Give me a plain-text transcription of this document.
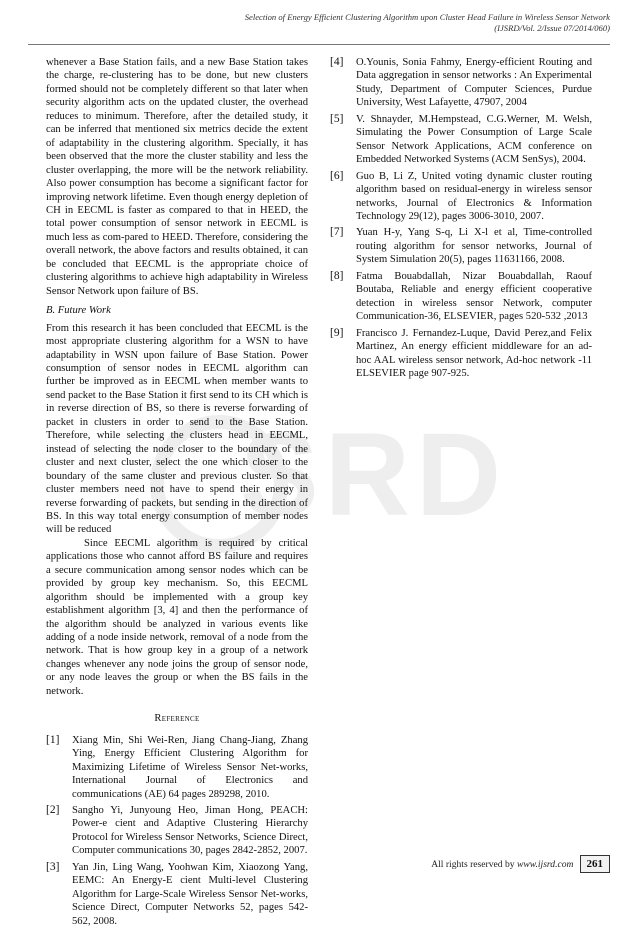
Selection of Energy Efficient Clustering Algorithm upon Cluster Head Failure in Wireless Sensor Network
(IJSRD/Vol. 2/Issue 07/2014/060)
SRD

whenever a Base Station fails, and a new Base Station takes the charge, re-clustering has to be done, but new clusters formed should not be completely different so that later when security algorithm acts on the updated cluster, the overhead reduces to minimum. Therefore, after the detailed study, it can be inferred that mentioned six metrics decide the extent of adaptability in the clustering algorithm. Specially, it has been observed that the more the cluster stability and less the cluster overlapping, the more will be the network reliability. Also power consumption has become a significant factor for improving network lifetime. Even though energy depletion of CH in EECML is faster as compared to that in HEED, the total power consumption of sensor network in EECML is much less as com-pared to HEED. Therefore, considering the overall network, the above factors and results obtained, it can be concluded that EECML is the appropriate choice of clustering algorithms to achieve high adaptability in Wireless Sensor Network upon failure of BS.

B. Future Work

From this research it has been concluded that EECML is the most appropriate clustering algorithm for a WSN to have adaptability in WSN upon failure of Base Station. Power consumption of sensor nodes in EECML algorithm can further be improved as in EECML when member wants to send packet to the Base Station it first send to its CH which is in reverse direction of BS, so there is reverse forwarding of packet in clusters in order to send to the Base Station. Therefore, while selecting the clusters head in EECML, instead of selecting the node closer to the boundary of the cluster and next cluster, select the one which closer to the boundary of the same cluster and previous cluster. So that cluster members need not have to spend their energy in reverse forwarding of packets, but sending in the direction of BS. In this way total energy consumption of member nodes will be reduced

Since EECML algorithm is required by critical applications those who cannot afford BS failure and requires a secure communication among sensor nodes which can be provided by group key mechanism. So, this EECML algorithm should be implemented with a group key establishment algorithm [3, 4] and then the performance of the algorithm should be analyzed in various events like adding of a node inside network, removal of a node from the network. That is how group key in a group of a network changes whenever any node joins the group of sensor node, or any node leaves the group or when the BS fails in the network.

Reference
[1]	Xiang Min, Shi Wei-Ren, Jiang Chang-Jiang, Zhang Ying, Energy Efficient Clustering Algorithm for Maximizing Lifetime of Wireless Sensor Net-works, International Journal of Electronics and communications (AE) 64 pages 289298, 2010.
[2]	Sangho Yi, Junyoung Heo, Jiman Hong, PEACH: Power-e cient and Adaptive Clustering Hierarchy Protocol for Wireless Sensor Networks, Science Direct, Computer communications 30, pages 2842-2852, 2007.
[3]	Yan Jin, Ling Wang, Yoohwan Kim, Xiaozong Yang, EEMC: An Energy-E cient Multi-level Clustering Algorithm for Large-Scale Wireless Sensor Net-works, Science Direct, Computer Networks 52, pages 542-562, 2008.
[4]	O.Younis, Sonia Fahmy, Energy-efficient Routing and Data aggregation in sensor networks : An Experimental Study, Department of Computer Sciences, Purdue University, West Lafayette, 47907, 2004
[5]	V. Shnayder, M.Hempstead, C.G.Werner, M. Welsh, Simulating the Power Consumption of Large Scale Sensor Network Applications, ACM conference on Embedded Networked Systems (ACM SenSys), 2004.
[6]	Guo B, Li Z, United voting dynamic cluster routing algorithm based on residual-energy in wireless sensor networks, Journal of Electronics & Information Technology 29(12), pages 3006-3010, 2007.
[7]	Yuan H-y, Yang S-q, Li X-l et al, Time-controlled routing algorithm for sensor networks, Journal of System Simulation 20(5), pages 11631166, 2008.
[8]	Fatma Bouabdallah, Nizar Bouabdallah, Raouf Boutaba, Reliable and energy efficient cooperative detection in wireless sensor Network, computer Communication-36, ELSEVIER, pages 520-532 ,2013
[9]	Francisco J. Fernandez-Luque, David Perez,and Felix Martinez, An energy efficient middleware for an ad-hoc AAL wireless sensor network, Ad-hoc network -11 ELSEVIER page 907-925.
All rights reserved by www.ijsrd.com	261
